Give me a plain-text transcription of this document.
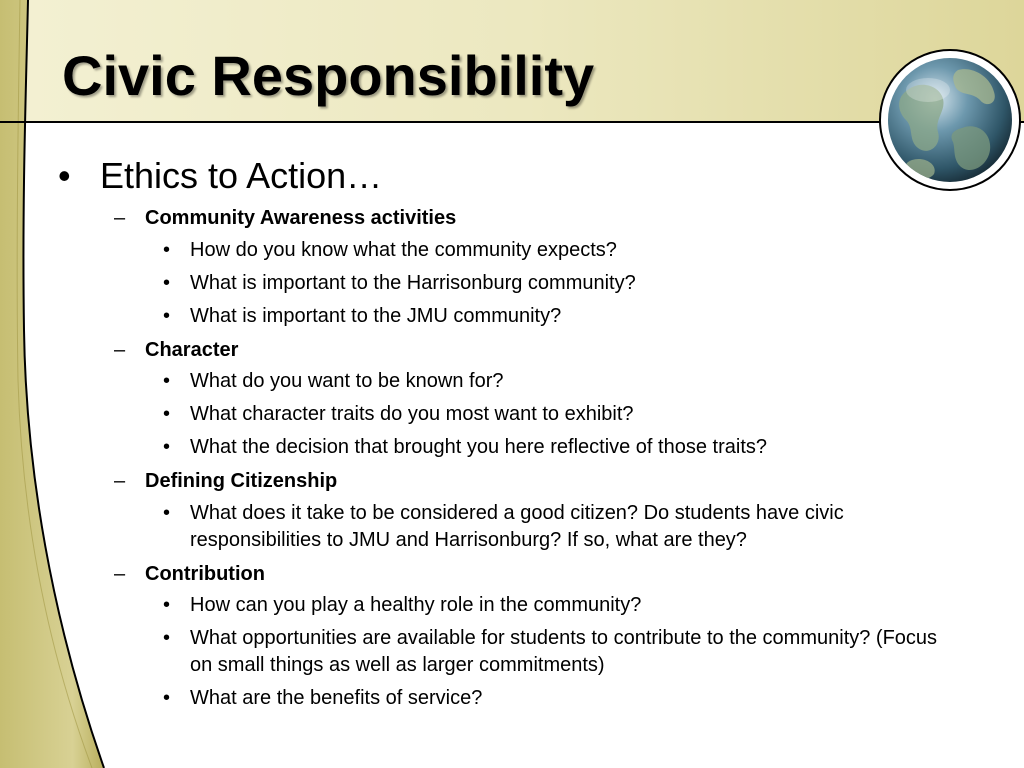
Civic Responsibility
• Ethics to Action…
– Community Awareness activities
• How do you know what the community expects?
• What is important to the Harrisonburg community?
• What is important to the JMU community?
– Character
• What do you want to be known for?
• What character traits do you most want to exhibit?
• What the decision that brought you here reflective of those traits?
– Defining Citizenship
• What does it take to be considered a good citizen? Do students have civic responsibilities to JMU and Harrisonburg? If so, what are they?
– Contribution
• How can you play a healthy role in the community?
• What opportunities are available for students to contribute to the community? (Focus on small things as well as larger commitments)
• What are the benefits of service?
